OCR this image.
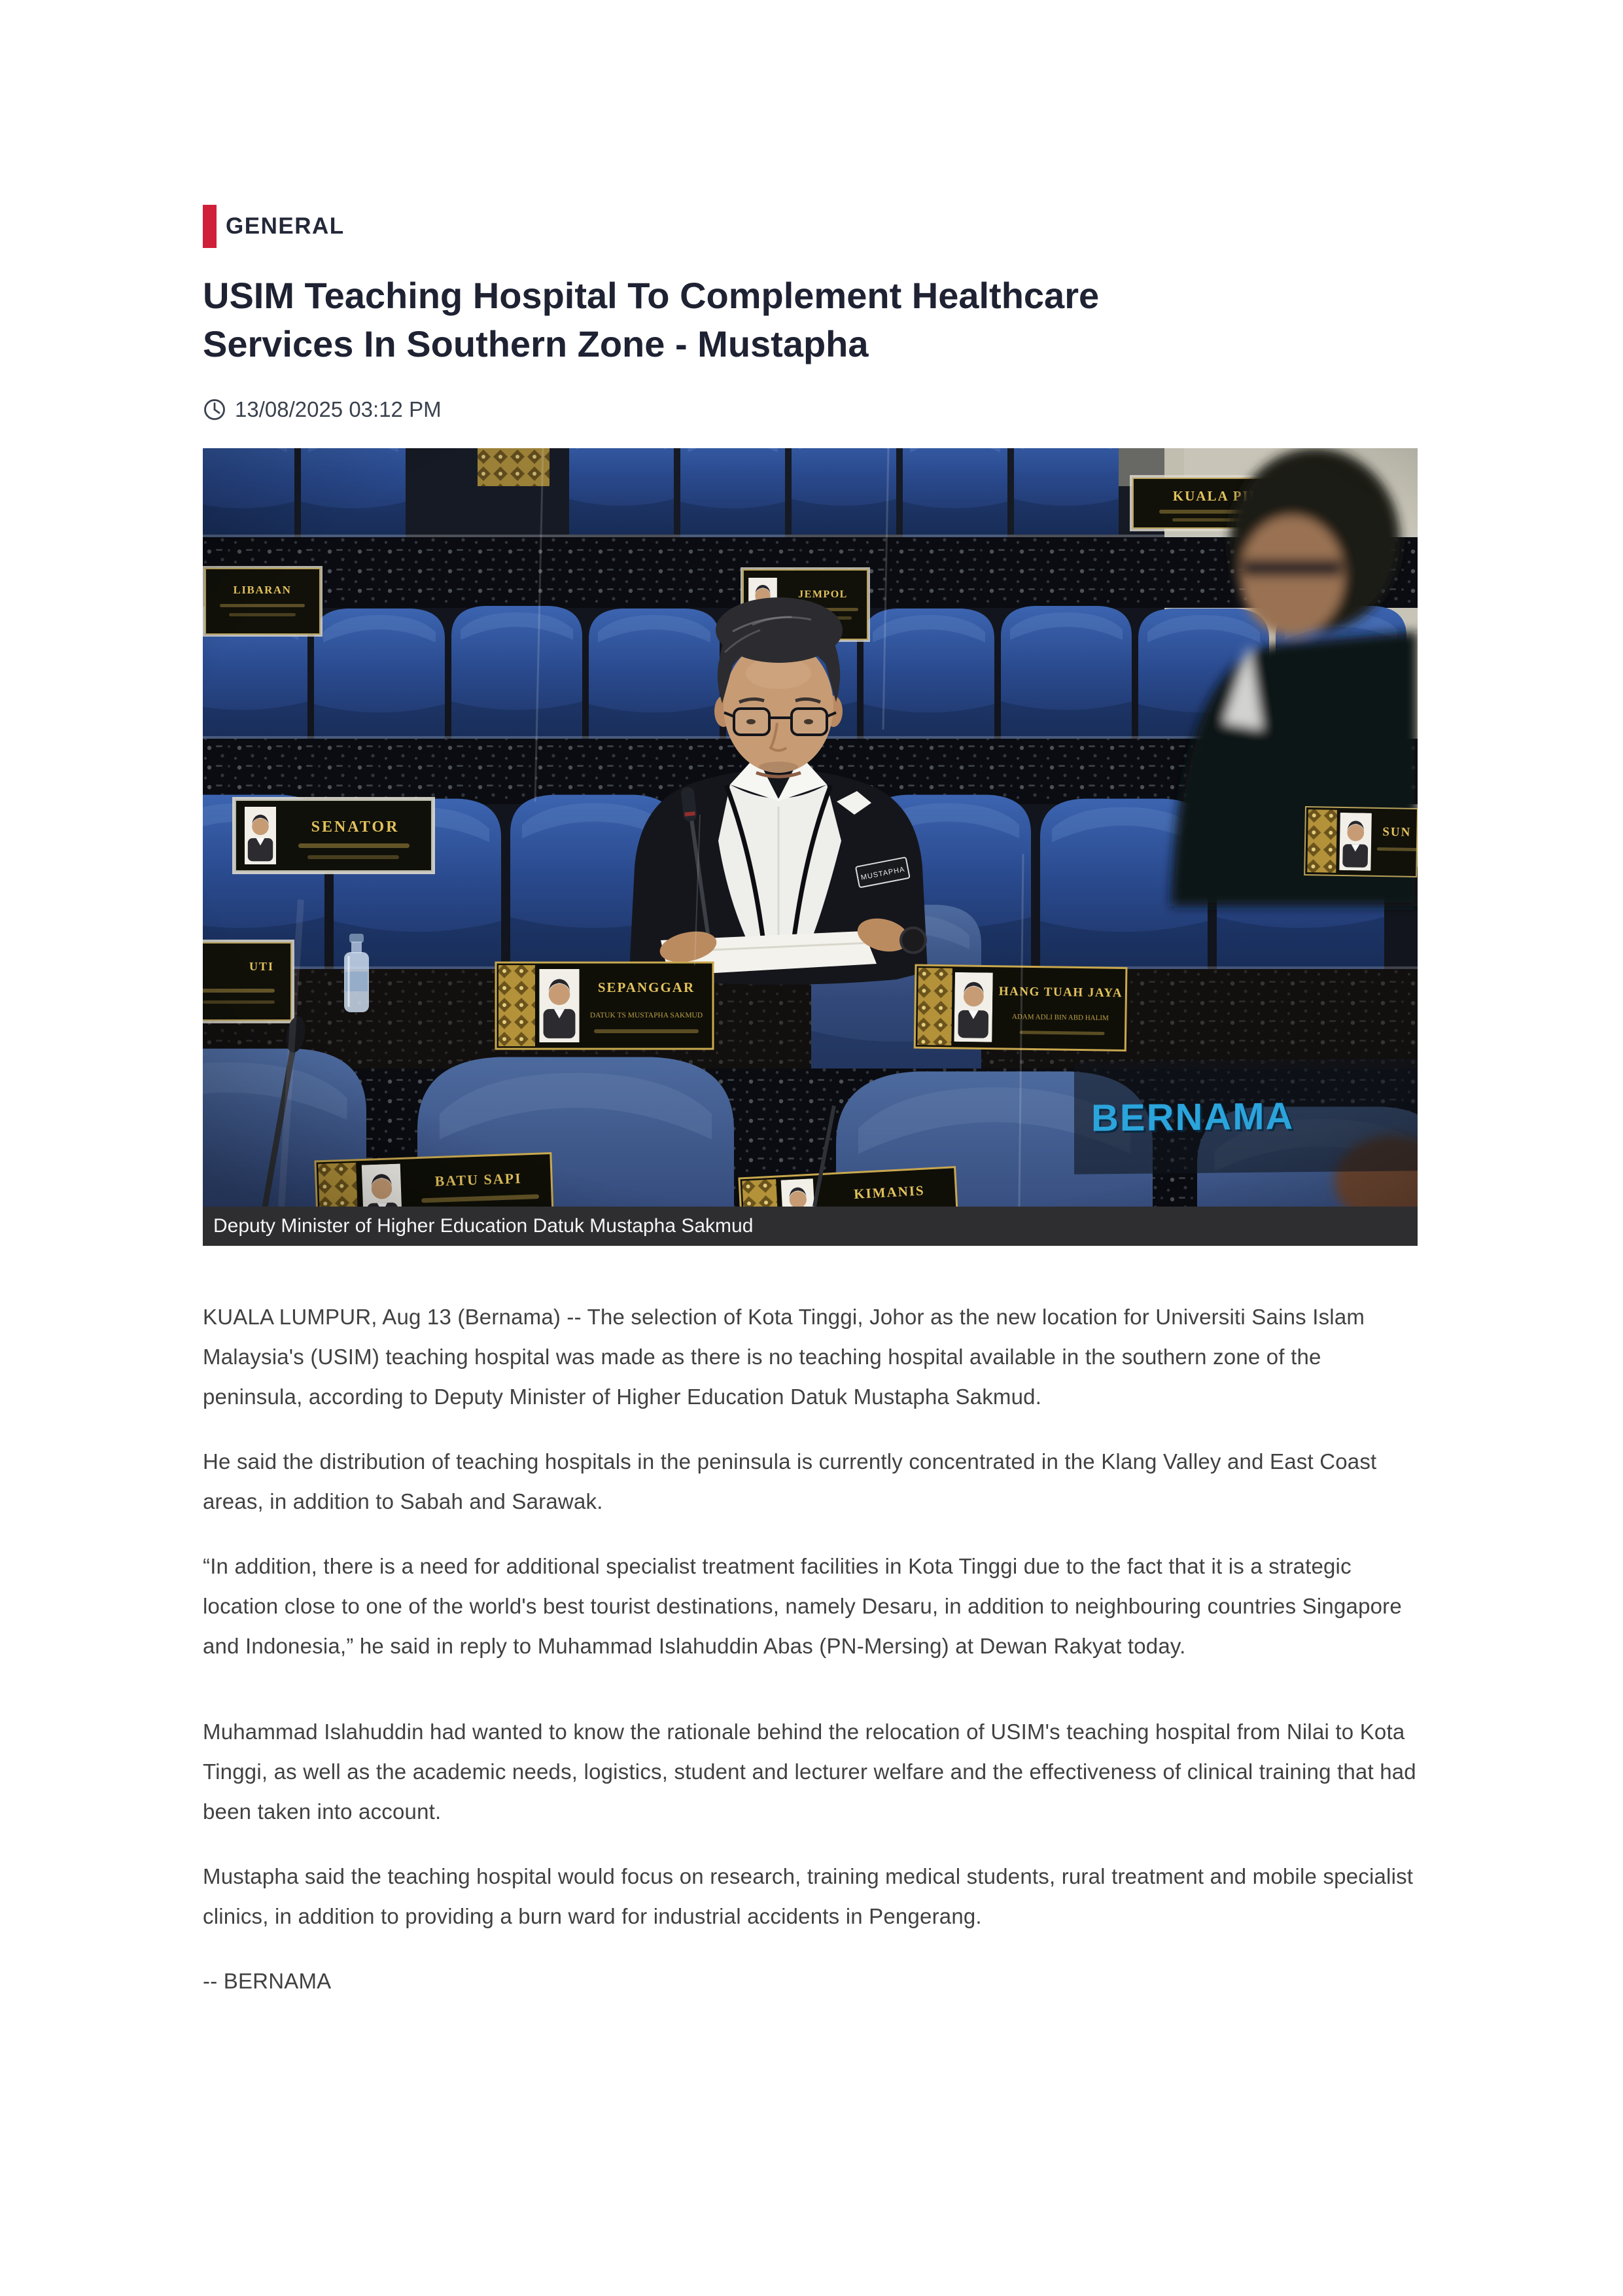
GENERAL
USIM Teaching Hospital To Complement Healthcare Services In Southern Zone - Mustapha
13/08/2025 03:12 PM
BERNAMA
Deputy Minister of Higher Education Datuk Mustapha Sakmud

KUALA LUMPUR, Aug 13 (Bernama) -- The selection of Kota Tinggi, Johor as the new location for Universiti Sains Islam Malaysia's (USIM) teaching hospital was made as there is no teaching hospital available in the southern zone of the peninsula, according to Deputy Minister of Higher Education Datuk Mustapha Sakmud.

He said the distribution of teaching hospitals in the peninsula is currently concentrated in the Klang Valley and East Coast areas, in addition to Sabah and Sarawak.

“In addition, there is a need for additional specialist treatment facilities in Kota Tinggi due to the fact that it is a strategic location close to one of the world's best tourist destinations, namely Desaru, in addition to neighbouring countries Singapore and Indonesia,” he said in reply to Muhammad Islahuddin Abas (PN-Mersing) at Dewan Rakyat today.

Muhammad Islahuddin had wanted to know the rationale behind the relocation of USIM's teaching hospital from Nilai to Kota Tinggi, as well as the academic needs, logistics, student and lecturer welfare and the effectiveness of clinical training that had been taken into account.

Mustapha said the teaching hospital would focus on research, training medical students, rural treatment and mobile specialist clinics, in addition to providing a burn ward for industrial accidents in Pengerang.

-- BERNAMA
